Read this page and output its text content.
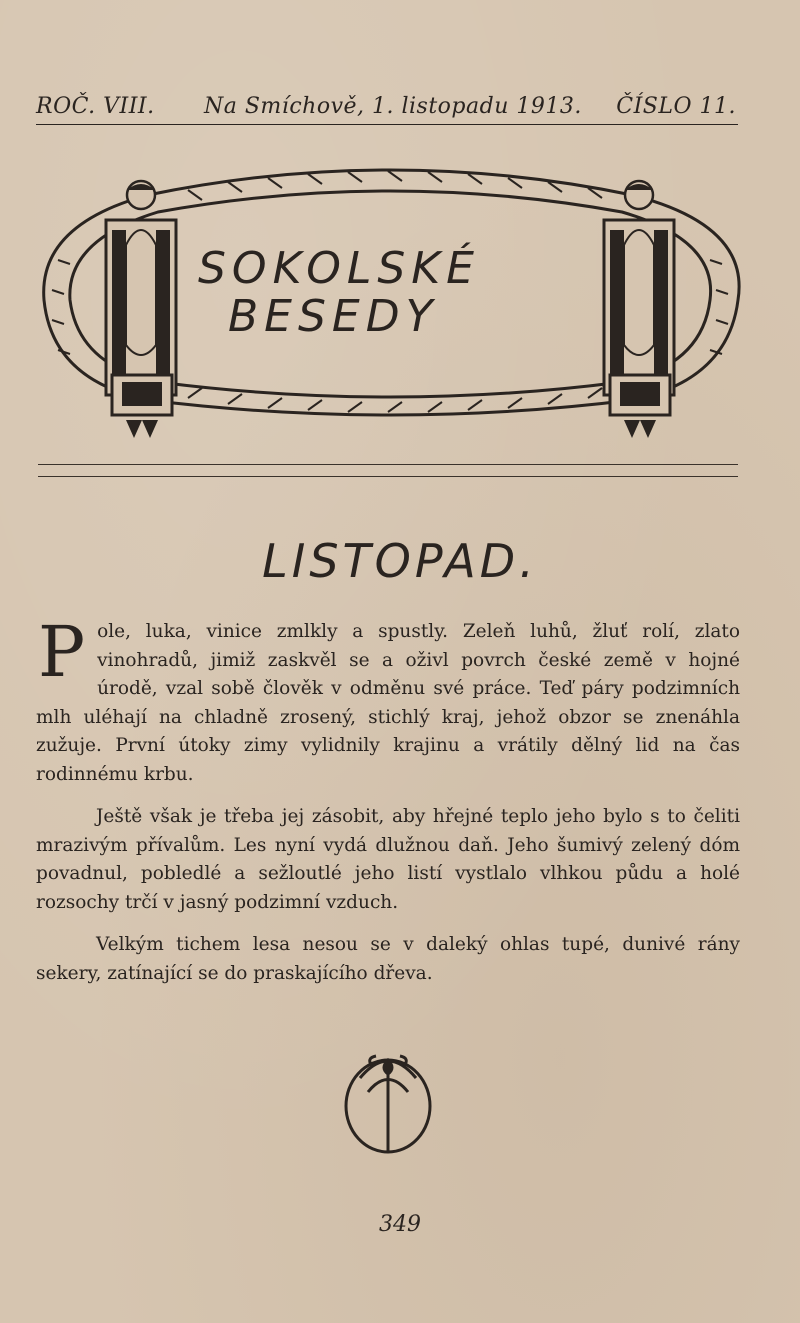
ROČ. VIII. Na Smíchově, 1. listopadu 1913. ČÍSLO 11.
SOKOLSKÉ
BESEDY
LISTOPAD.

Pole, luka, vinice zmlkly a spustly. Zeleň luhů, žluť rolí, zlato vinohradů, jimiž zaskvěl se a oživl povrch české země v hojné úrodě, vzal sobě člověk v odměnu své práce. Teď páry podzimních mlh uléhají na chladně zrosený, stichlý kraj, jehož obzor se znenáhla zužuje. První útoky zimy vylidnily krajinu a vrátily dělný lid na čas rodinnému krbu.

Ještě však je třeba jej zásobit, aby hřejné teplo jeho bylo s to čeliti mrazivým přívalům. Les nyní vydá dlužnou daň. Jeho šumivý zelený dóm povadnul, pobledlé a sežloutlé jeho listí vystlalo vlhkou půdu a holé rozsochy trčí v jasný podzimní vzduch.

Velkým tichem lesa nesou se v daleký ohlas tupé, dunivé rány sekery, zatínající se do praskajícího dřeva.

349
